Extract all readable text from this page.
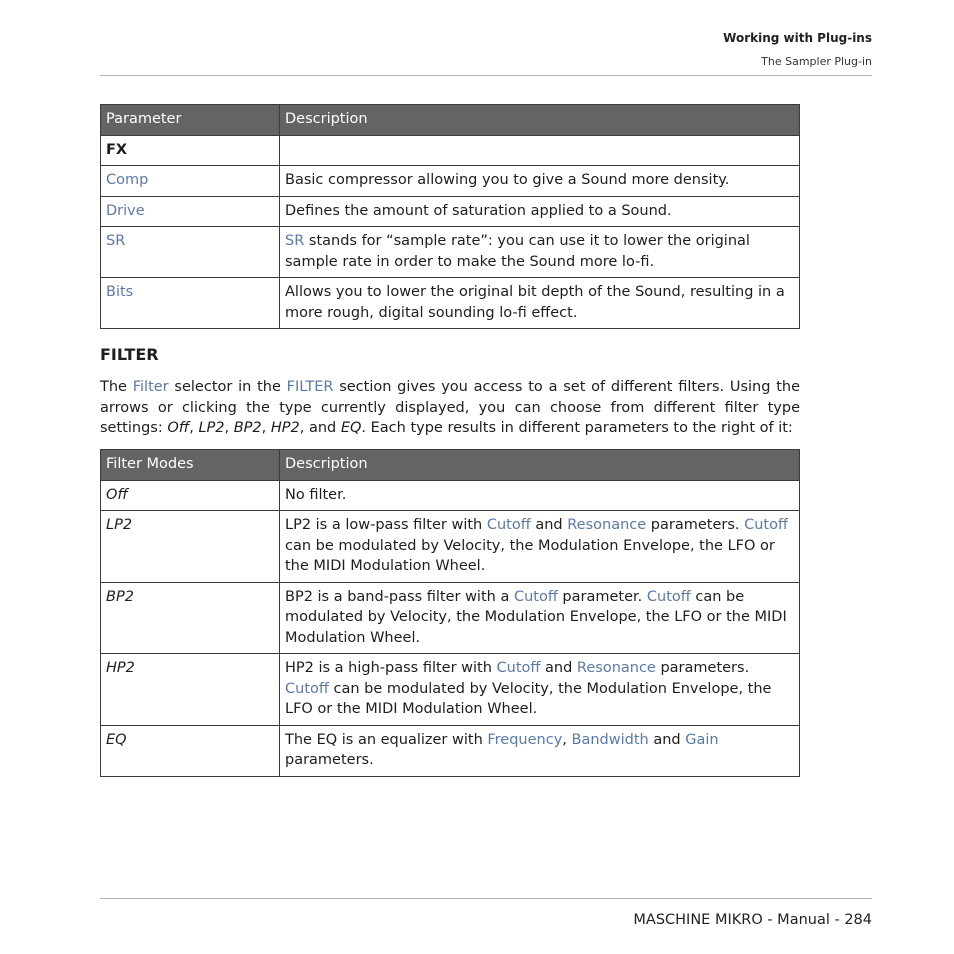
Working with Plug-ins
The Sampler Plug-in
Parameter	Description
FX	
Comp	Basic compressor allowing you to give a Sound more density.
Drive	Defines the amount of saturation applied to a Sound.
SR	SR stands for “sample rate”: you can use it to lower the original sample rate in order to make the Sound more lo-fi.
Bits	Allows you to lower the original bit depth of the Sound, resulting in a more rough, digital sounding lo-fi effect.
FILTER
The Filter selector in the FILTER section gives you access to a set of different filters. Using the arrows or clicking the type currently displayed, you can choose from different filter type settings: Off, LP2, BP2, HP2, and EQ. Each type results in different parameters to the right of it:
Filter Modes	Description
Off	No filter.
LP2	LP2 is a low-pass filter with Cutoff and Resonance parameters. Cutoff can be modulated by Velocity, the Modulation Envelope, the LFO or the MIDI Modulation Wheel.
BP2	BP2 is a band-pass filter with a Cutoff parameter. Cutoff can be modulated by Velocity, the Modulation Envelope, the LFO or the MIDI Modulation Wheel.
HP2	HP2 is a high-pass filter with Cutoff and Resonance parameters. Cutoff can be modulated by Velocity, the Modulation Envelope, the LFO or the MIDI Modulation Wheel.
EQ	The EQ is an equalizer with Frequency, Bandwidth and Gain parameters.
MASCHINE MIKRO - Manual - 284
